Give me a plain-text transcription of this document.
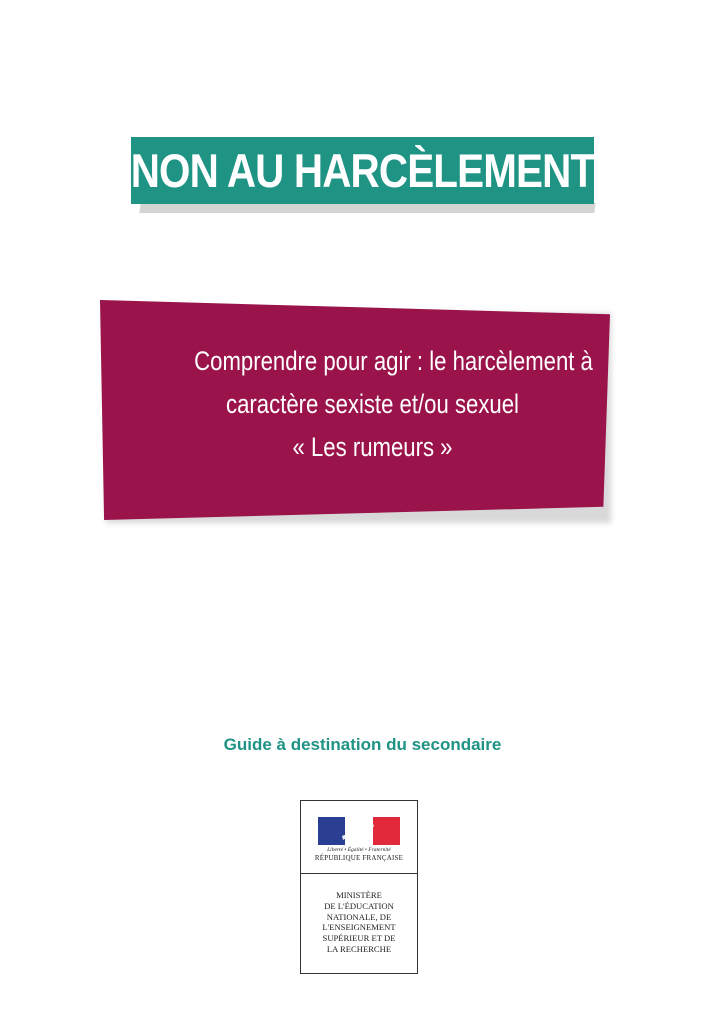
NON AU HARCÈLEMENT
Comprendre pour agir : le harcèlement à
caractère sexiste et/ou sexuel
« Les rumeurs »
Guide à destination du secondaire
Liberté • Égalité • Fraternité
RÉPUBLIQUE FRANÇAISE
MINISTÈRE
DE L'ÉDUCATION
NATIONALE, DE
L'ENSEIGNEMENT
SUPÉRIEUR ET DE
LA RECHERCHE
